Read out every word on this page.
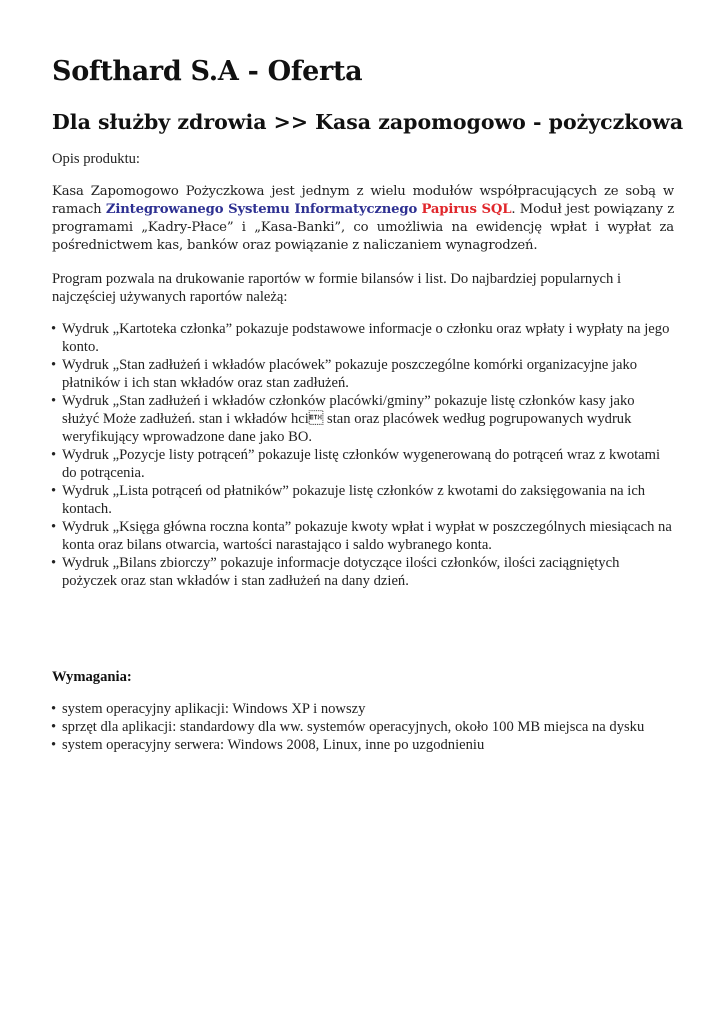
Softhard S.A - Oferta
Dla służby zdrowia >> Kasa zapomogowo - pożyczkowa
Opis produktu:
Kasa Zapomogowo Pożyczkowa jest jednym z wielu modułów współpracujących ze sobą w ramach Zintegrowanego Systemu Informatycznego Papirus SQL. Moduł jest powiązany z programami „Kadry-Płace” i „Kasa-Banki”, co umożliwia na ewidencję wpłat i wypłat za pośrednictwem kas, banków oraz powiązanie z naliczaniem wynagrodzeń.
Program pozwala na drukowanie raportów w formie bilansów i list. Do najbardziej popularnych i najczęściej używanych raportów należą:
• Wydruk „Kartoteka członka” pokazuje podstawowe informacje o członku oraz wpłaty i wypłaty na jego konto.
• Wydruk „Stan zadłużeń i wkładów placówek” pokazuje poszczególne komórki organizacyjne jako płatników i ich stan wkładów oraz stan zadłużeń.
• Wydruk „Stan zadłużeń i wkładów członków placówki/gminy” pokazuje listę członków kasy jako służyć Może zadłużeń. stan i wkładów hci stan oraz placówek według pogrupowanych wydruk weryfikujący wprowadzone dane jako BO.
• Wydruk „Pozycje listy potrąceń” pokazuje listę członków wygenerowaną do potrąceń wraz z kwotami do potrącenia.
• Wydruk „Lista potrąceń od płatników” pokazuje listę członków z kwotami do zaksięgowania na ich kontach.
• Wydruk „Księga główna roczna konta” pokazuje kwoty wpłat i wypłat w poszczególnych miesiącach na konta oraz bilans otwarcia, wartości narastająco i saldo wybranego konta.
• Wydruk „Bilans zbiorczy” pokazuje informacje dotyczące ilości członków, ilości zaciągniętych pożyczek oraz stan wkładów i stan zadłużeń na dany dzień.
Wymagania:
• system operacyjny aplikacji: Windows XP i nowszy
• sprzęt dla aplikacji: standardowy dla ww. systemów operacyjnych, około 100 MB miejsca na dysku
• system operacyjny serwera: Windows 2008, Linux, inne po uzgodnieniu
